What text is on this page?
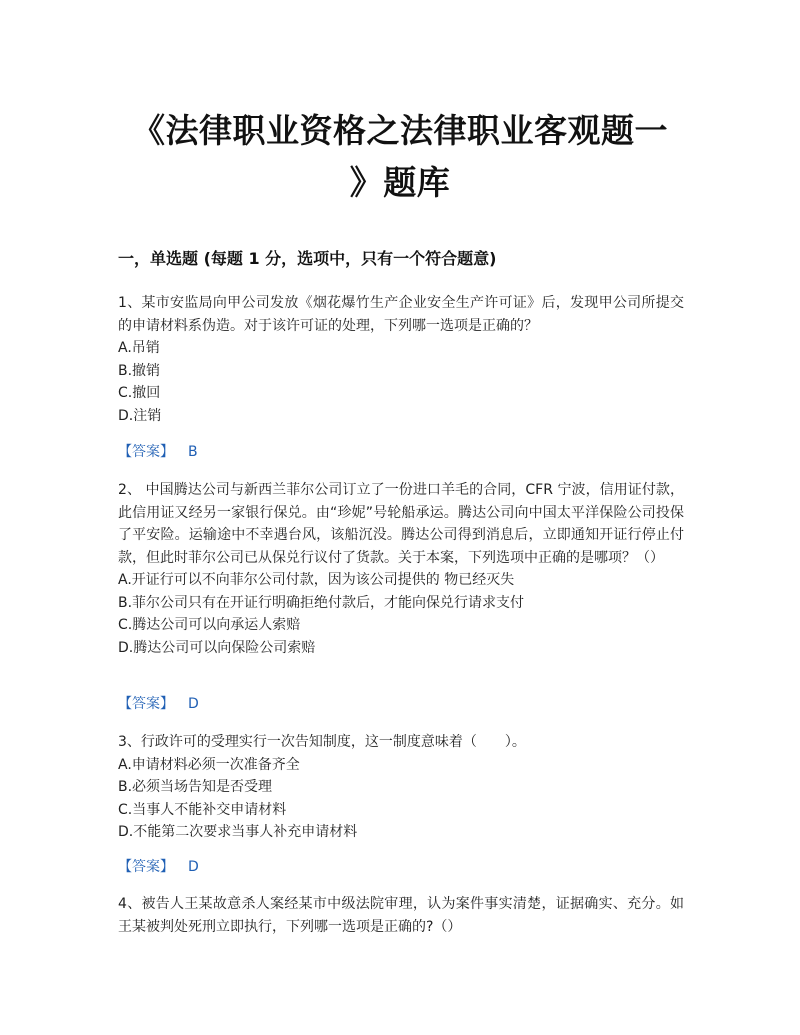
《法律职业资格之法律职业客观题一
》题库
一，单选题 (每题 1 分，选项中，只有一个符合题意)

1、某市安监局向甲公司发放《烟花爆竹生产企业安全生产许可证》后，发现甲公司所提交的申请材料系伪造。对于该许可证的处理，下列哪一选项是正确的？

A.吊销

B.撤销

C.撤回

D.注销

【答案】 B

2、 中国腾达公司与新西兰菲尔公司订立了一份进口羊毛的合同，CFR 宁波，信用证付款，此信用证又经另一家银行保兑。由“珍妮”号轮船承运。腾达公司向中国太平洋保险公司投保了平安险。运输途中不幸遇台风，该船沉没。腾达公司得到消息后，立即通知开证行停止付款，但此时菲尔公司已从保兑行议付了货款。关于本案，下列选项中正确的是哪项？（）

A.开证行可以不向菲尔公司付款，因为该公司提供的 物已经灭失

B.菲尔公司只有在开证行明确拒绝付款后，才能向保兑行请求支付

C.腾达公司可以向承运人索赔

D.腾达公司可以向保险公司索赔

【答案】 D

3、行政许可的受理实行一次告知制度，这一制度意味着（　　）。

A.申请材料必须一次准备齐全

B.必须当场告知是否受理

C.当事人不能补交申请材料

D.不能第二次要求当事人补充申请材料

【答案】 D

4、被告人王某故意杀人案经某市中级法院审理，认为案件事实清楚，证据确实、充分。如王某被判处死刑立即执行，下列哪一选项是正确的?（）
